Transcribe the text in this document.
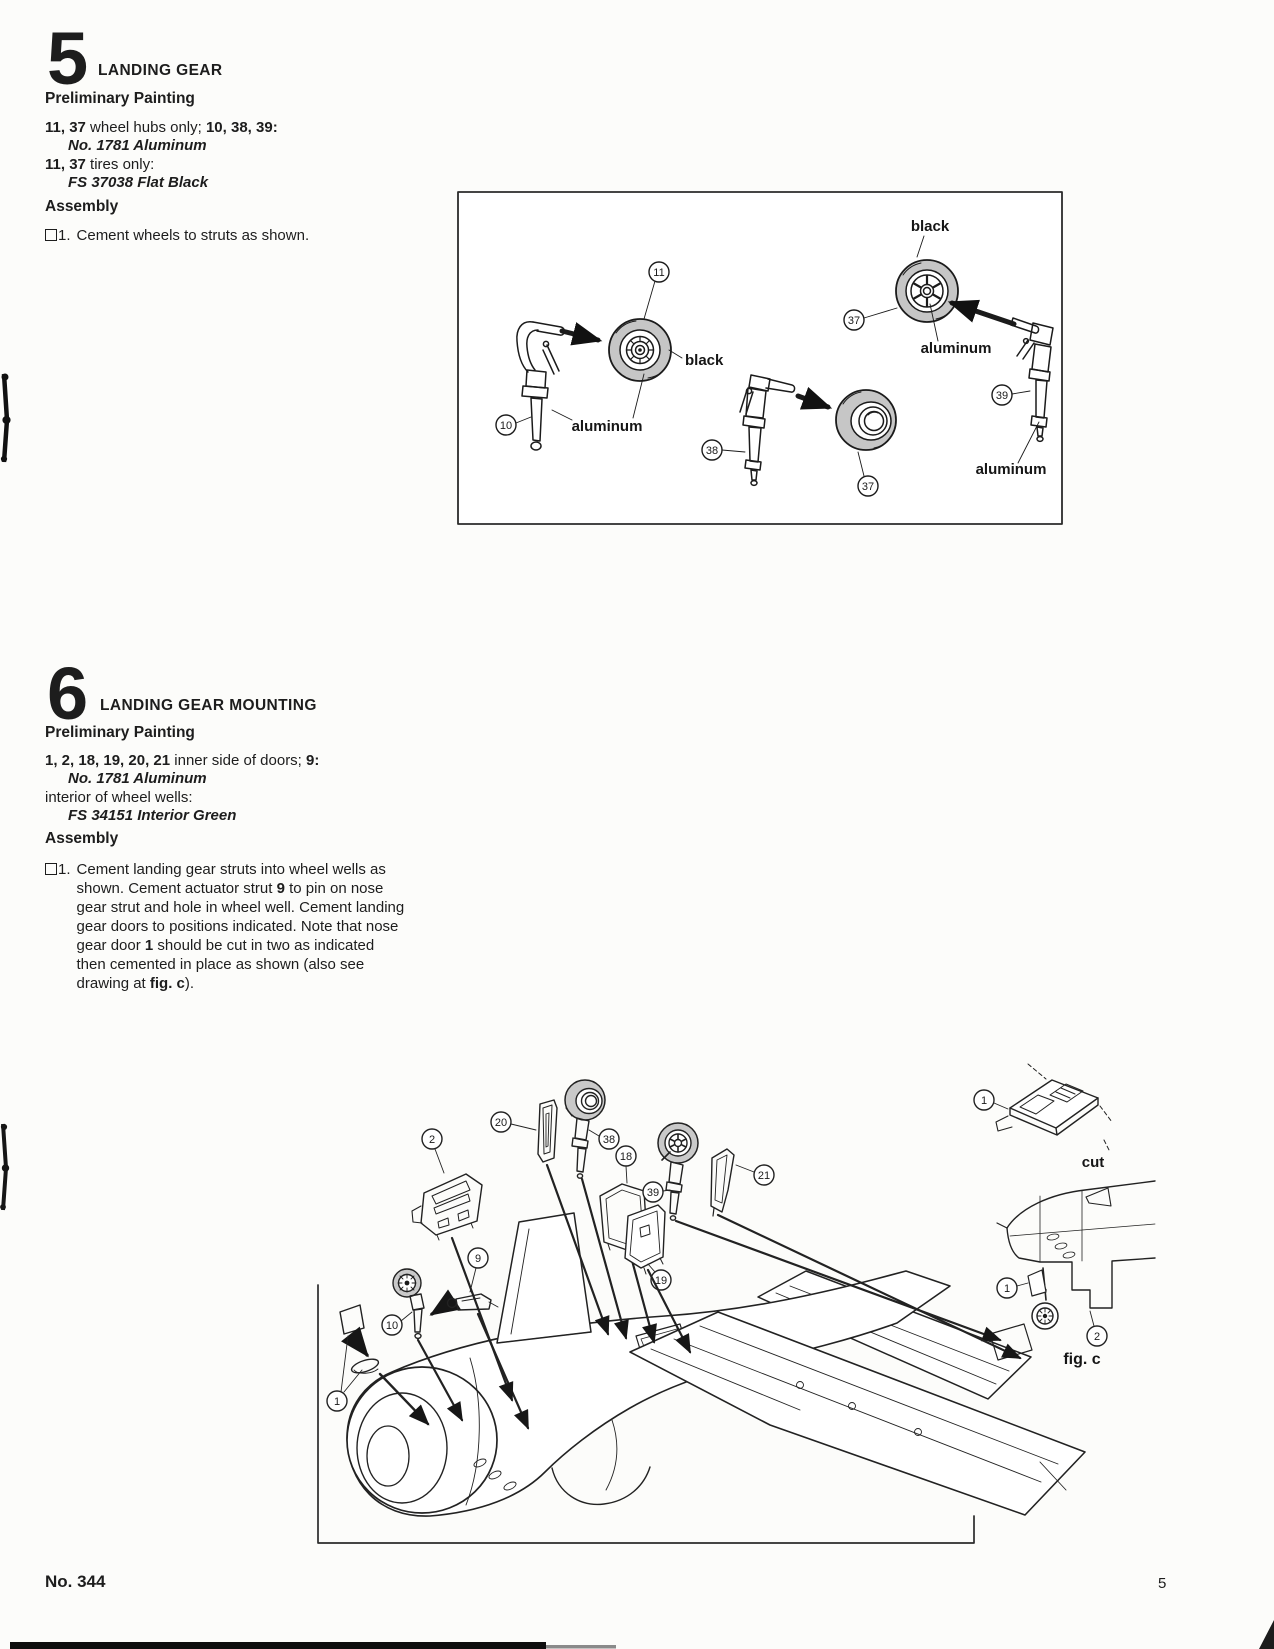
5 LANDING GEAR
Preliminary Painting
11, 37 wheel hubs only; 10, 38, 39:
No. 1781 Aluminum
11, 37 tires only:
FS 37038 Flat Black
Assembly
1. Cement wheels to struts as shown.
6 LANDING GEAR MOUNTING
Preliminary Painting
1, 2, 18, 19, 20, 21 inner side of doors; 9:
No. 1781 Aluminum
interior of wheel wells:
FS 34151 Interior Green
Assembly
1. Cement landing gear struts into wheel wells as shown. Cement actuator strut 9 to pin on nose gear strut and hole in wheel well. Cement landing gear doors to positions indicated. Note that nose gear door 1 should be cut in two as indicated then cemented in place as shown (also see drawing at fig. c).
No. 344	5
11
10
black
aluminum
38
37
black
37
aluminum
39
aluminum
1
9
10
2
20
38
18
19
39
21
1
cut
1
2
fig. c
